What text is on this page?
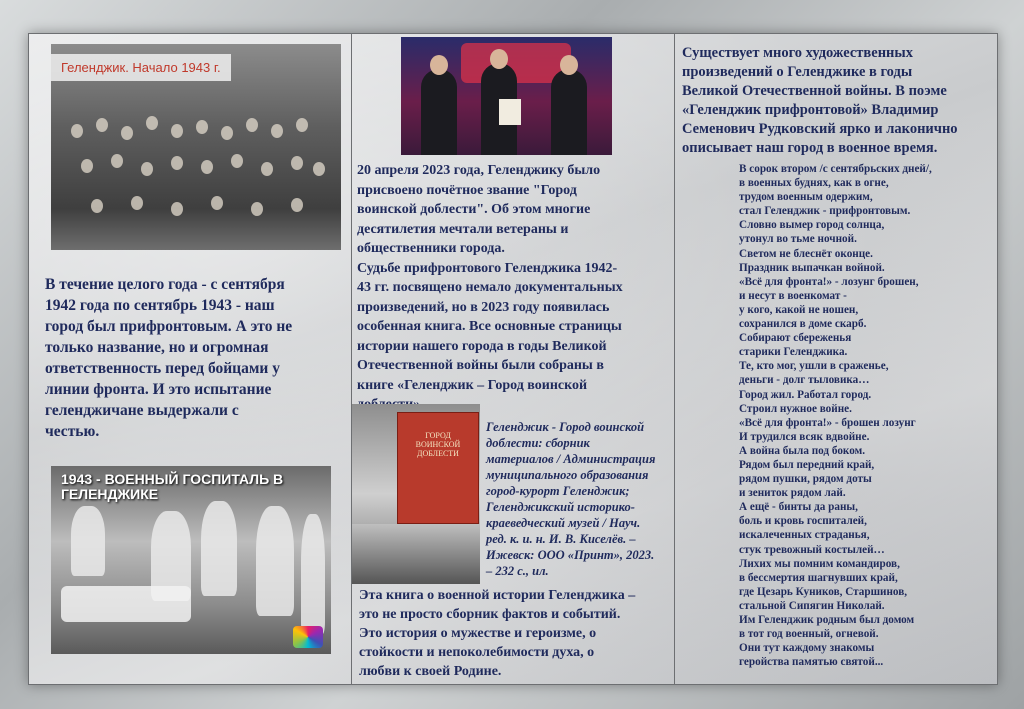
Геленджик. Начало 1943 г.
В течение целого года - с сентября
1942 года по сентябрь 1943 - наш
город был прифронтовым. А это не
только название, но и огромная
ответственность перед бойцами у
линии фронта. И это испытание
геленджичане выдержали с
честью.
1943 - ВОЕННЫЙ ГОСПИТАЛЬ В ГЕЛЕНДЖИКЕ
20 апреля 2023 года, Геленджику было
присвоено почётное звание "Город
воинской доблести". Об этом многие
десятилетия мечтали ветераны и
общественники города.
Судьбе прифронтового Геленджика 1942-
43 гг. посвящено немало документальных
произведений, но в 2023 году появилась
особенная книга. Все основные страницы
истории нашего города в годы Великой
Отечественной войны были собраны в
книге «Геленджик – Город воинской
ГОРОД ВОИНСКОЙ ДОБЛЕСТИ
Геленджик - Город воинской
доблести: сборник
материалов / Администрация
муниципального образования
город-курорт Геленджик;
Геленджикский историко-
краеведческий музей / Науч.
ред. к. и. н. И. В. Киселёв. –
Ижевск: ООО «Принт», 2023.
– 232 с., ил.
Эта книга о военной истории Геленджика –
это не просто сборник фактов и событий.
Это история о мужестве и героизме, о
стойкости и непоколебимости духа, о
любви к своей Родине.
Существует много художественных
произведений о Геленджике в годы
Великой Отечественной войны. В поэме
«Геленджик прифронтовой» Владимир
Семенович Рудковский ярко и лаконично
описывает наш город в военное время.
В сорок втором /с сентябрьских дней/,
в военных буднях, как в огне,
трудом военным одержим,
стал Геленджик - прифронтовым.
Словно вымер город солнца,
утонул во тьме ночной.
Светом не блеснёт оконце.
Праздник выпачкан войной.
«Всё для фронта!» - лозунг брошен,
и несут в военкомат -
у кого, какой не ношен,
сохранился в доме скарб.
Собирают сбереженья
старики Геленджика.
Те, кто мог, ушли в сраженье,
деньги - долг тыловика…
Город жил. Работал город.
Строил нужное войне.
«Всё для фронта!» - брошен лозунг
И трудился всяк вдвойне.
А война была под боком.
Рядом был передний край,
рядом пушки, рядом доты
и зениток рядом лай.
А ещё - бинты да раны,
боль и кровь госпиталей,
искалеченных страданья,
стук тревожный костылей…
Лихих мы помним командиров,
в бессмертия шагнувших край,
где Цезарь Куников, Старшинов,
стальной Сипягин Николай.
Им Геленджик родным был домом
в тот год военный, огневой.
Они тут каждому знакомы
геройства памятью святой...
